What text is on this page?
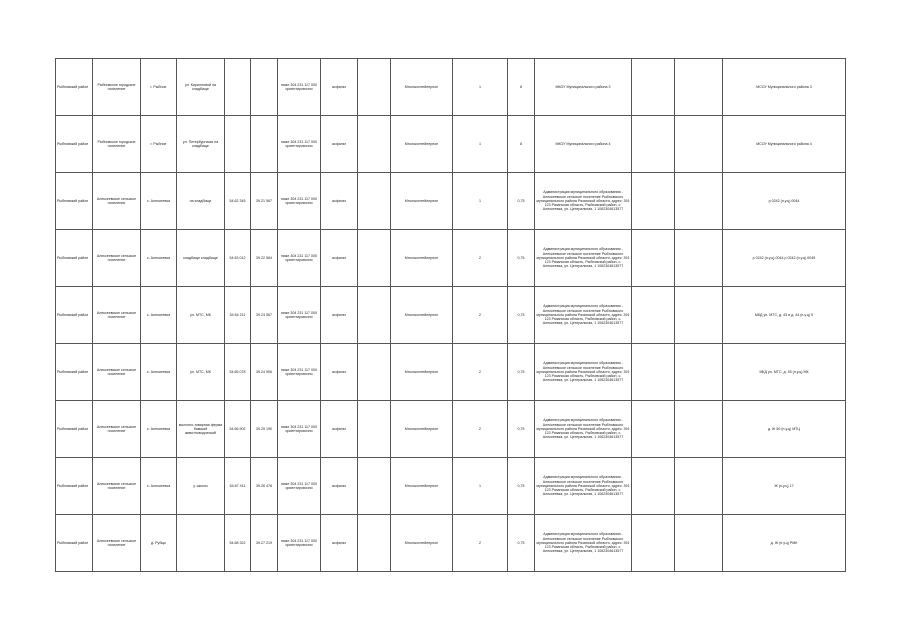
Рыбновский район	Рыбновское городское поселение	г. Рыбное	ул. Кирилловой на кладбище			ниже 304 231 117 000 ориентировочно	асфальт		Многоконтейнерное	1	8	МКОУ Муниципального района 3			МСОУ Муниципального района 3
Рыбновский район	Рыбновское городское поселение	г. Рыбное	ул. Петербургская на кладбище			ниже 304 231 117 000 ориентировочно	асфальт		Многоконтейнерное	1	8	МКОУ Муниципального района 4			МСОУ Муниципального района 4
Рыбновский район	Алексеевское сельское поселение	с. Алексеевка	на кладбище	54.62 345	39.21 567	ниже 304 231 117 000 ориентировочно	асфальт		Многоконтейнерное	1	0,75	Администрация муниципального образования - Алексеевское сельское поселение Рыбновского муниципального района Рязанской области, адрес: 391 123 Рязанская область, Рыбновский район, с. Алексеевка, ул. Центральная, 1 1062304613577			р 0242 (п.у.ц) 0044
Рыбновский район	Алексеевское сельское поселение	с. Алексеевка	кладбище кладбище	54.63 012	39.22 584	ниже 304 231 117 000 ориентировочно	асфальт		Многоконтейнерное	2	0,75	Администрация муниципального образования - Алексеевское сельское поселение Рыбновского муниципального района Рязанской области, адрес: 391 123 Рязанская область, Рыбновский район, с. Алексеевка, ул. Центральная, 1 1062304613577			р 0242 (п.у.ц) 0044 р 0242 (п.у.ц) 0045
Рыбновский район	Алексеевское сельское поселение	с. Алексеевка	ул. МТС, МК	54.64 211	39.23 567	ниже 304 231 117 000 ориентировочно	асфальт		Многоконтейнерное	2	0,75	Администрация муниципального образования - Алексеевское сельское поселение Рыбновского муниципального района Рязанской области, адрес: 391 123 Рязанская область, Рыбновский район, с. Алексеевка, ул. Центральная, 1 1062304613577			МКД ул. МТС, д. 43 и д. 44 (п.у.ц) 5
Рыбновский район	Алексеевское сельское поселение	с. Алексеевка	ул. МТС, МК	54.65 078	39.24 906	ниже 304 231 117 000 ориентировочно	асфальт		Многоконтейнерное	2	0,75	Администрация муниципального образования - Алексеевское сельское поселение Рыбновского муниципального района Рязанской области, адрес: 391 123 Рязанская область, Рыбновский район, с. Алексеевка, ул. Центральная, 1 1062304613577			МКД ул. МТС, д. 45 (п.у.ц) МК
Рыбновский район	Алексеевское сельское поселение	с. Алексеевка	молочно-товарная ферма бывший животноводческий	54.66 902	39.25 190	ниже 304 231 117 000 ориентировочно	асфальт		Многоконтейнерное	2	0,75	Администрация муниципального образования - Алексеевское сельское поселение Рыбновского муниципального района Рязанской области, адрес: 391 123 Рязанская область, Рыбновский район, с. Алексеевка, ул. Центральная, 1 1062304613577			д. Ж 50 (п.у.ц) МТЦ
Рыбновский район	Алексеевское сельское поселение	с. Алексеевка	у. школы	54.67 411	39.26 478	ниже 304 231 117 000 ориентировочно	асфальт		Многоконтейнерное	1	0,75	Администрация муниципального образования - Алексеевское сельское поселение Рыбновского муниципального района Рязанской области, адрес: 391 123 Рязанская область, Рыбновский район, с. Алексеевка, ул. Центральная, 1 1062304613577			Ж (п.у.ц) 17
Рыбновский район	Алексеевское сельское поселение	д. Рубцы		54.68 322	39.27 219	ниже 304 231 117 000 ориентировочно	асфальт		Многоконтейнерное	2	0,75	Администрация муниципального образования - Алексеевское сельское поселение Рыбновского муниципального района Рязанской области, адрес: 391 123 Рязанская область, Рыбновский район, с. Алексеевка, ул. Центральная, 1 1062304613577			д. Ж (п.у.ц) РМК
